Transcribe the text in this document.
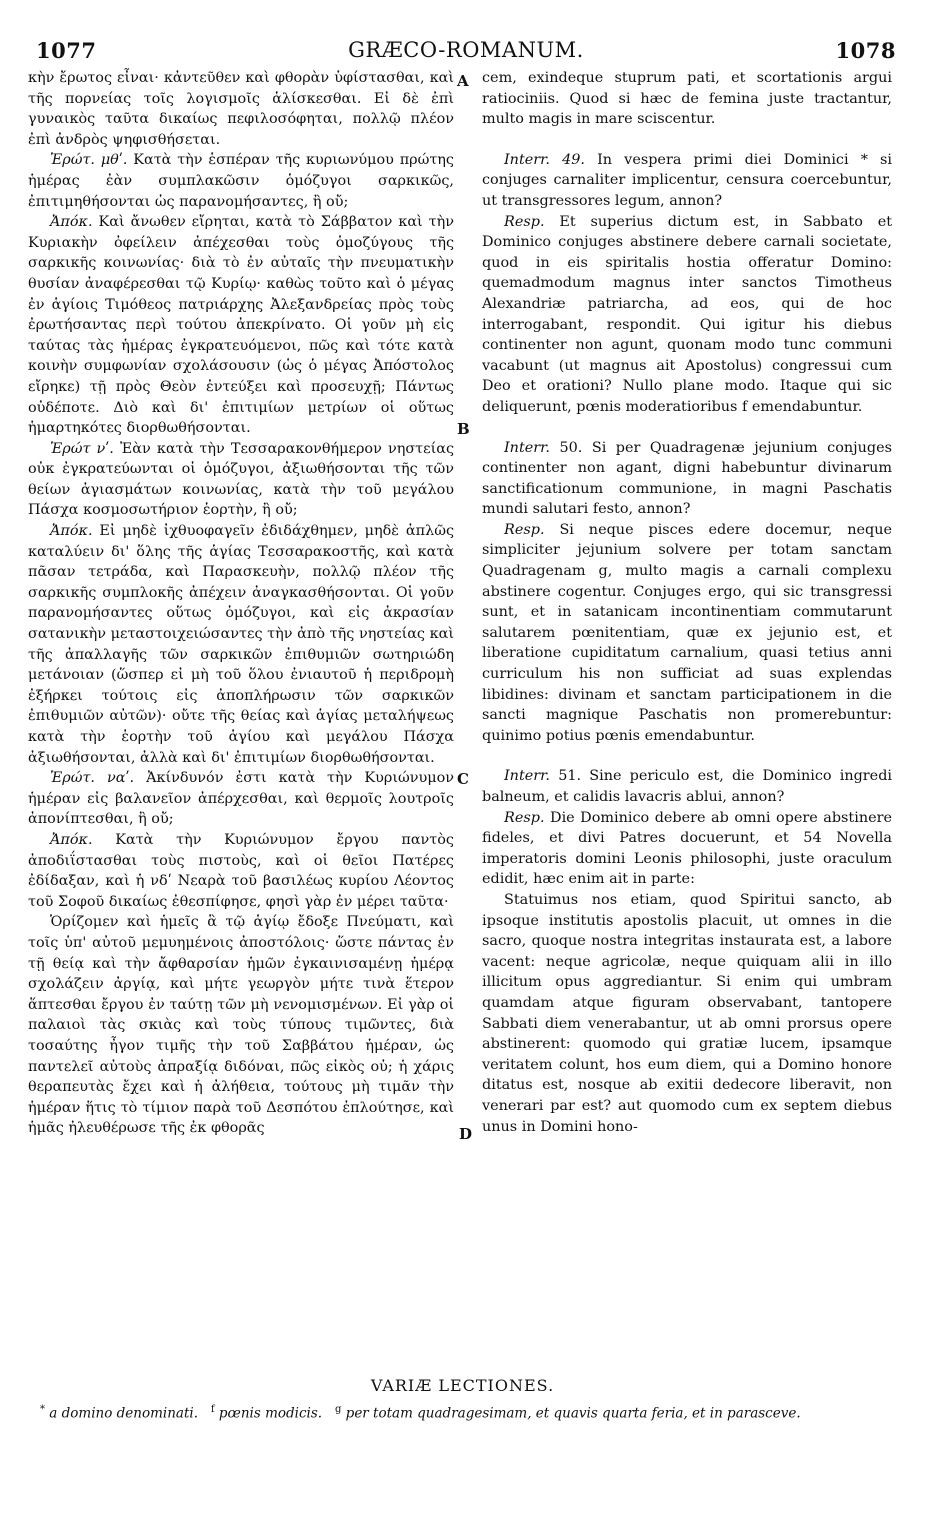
1077	GRÆCO-ROMANUM.	1078

κὴν ἔρωτος εἶναι· κἀντεῦθεν καὶ φθορὰν ὑφίστασθαι, καὶ τῆς πορνείας τοῖς λογισμοῖς ἁλίσκεσθαι. Εἰ δὲ ἐπὶ γυναικὸς ταῦτα δικαίως πεφιλοσόφηται, πολλῷ πλέον ἐπὶ ἀνδρὸς ψηφισθήσεται.

Ἐρώτ. μθʹ. Κατὰ τὴν ἑσπέραν τῆς κυριωνύμου πρώτης ἡμέρας ἐὰν συμπλακῶσιν ὁμόζυγοι σαρκικῶς, ἐπιτιμηθήσονται ὡς παρανομήσαντες, ἢ οὔ;

Ἀπόκ. Καὶ ἄνωθεν εἴρηται, κατὰ τὸ Σάββατον καὶ τὴν Κυριακὴν ὀφείλειν ἀπέχεσθαι τοὺς ὁμοζύγους τῆς σαρκικῆς κοινωνίας· διὰ τὸ ἐν αὐταῖς τὴν πνευματικὴν θυσίαν ἀναφέρεσθαι τῷ Κυρίῳ· καθὼς τοῦτο καὶ ὁ μέγας ἐν ἁγίοις Τιμόθεος πατριάρχης Ἀλεξανδρείας πρὸς τοὺς ἐρωτήσαντας περὶ τούτου ἀπεκρίνατο. Οἱ γοῦν μὴ εἰς ταύτας τὰς ἡμέρας ἐγκρατευόμενοι, πῶς καὶ τότε κατὰ κοινὴν συμφωνίαν σχολάσουσιν (ὡς ὁ μέγας Ἀπόστολος εἴρηκε) τῇ πρὸς Θεὸν ἐντεύξει καὶ προσευχῇ; Πάντως οὐδέποτε. Διὸ καὶ δι' ἐπιτιμίων μετρίων οἱ οὕτως ἡμαρτηκότες διορθωθήσονται.

Ἐρώτ νʹ. Ἐὰν κατὰ τὴν Τεσσαρακονθήμερον νηστείας οὐκ ἐγκρατεύωνται οἱ ὁμόζυγοι, ἀξιωθήσονται τῆς τῶν θείων ἁγιασμάτων κοινωνίας, κατὰ τὴν τοῦ μεγάλου Πάσχα κοσμοσωτήριον ἑορτὴν, ἢ οὔ;

Ἀπόκ. Εἰ μηδὲ ἰχθυοφαγεῖν ἐδιδάχθημεν, μηδὲ ἁπλῶς καταλύειν δι' ὅλης τῆς ἁγίας Τεσσαρακοστῆς, καὶ κατὰ πᾶσαν τετράδα, καὶ Παρασκευὴν, πολλῷ πλέον τῆς σαρκικῆς συμπλοκῆς ἀπέχειν ἀναγκασθήσονται. Οἱ γοῦν παρανομήσαντες οὕτως ὁμόζυγοι, καὶ εἰς ἀκρασίαν σατανικὴν μεταστοιχειώσαντες τὴν ἀπὸ τῆς νηστείας καὶ τῆς ἀπαλλαγῆς τῶν σαρκικῶν ἐπιθυμιῶν σωτηριώδη μετάνοιαν (ὥσπερ εἰ μὴ τοῦ ὅλου ἐνιαυτοῦ ἡ περιδρομὴ ἐξήρκει τούτοις εἰς ἀποπλήρωσιν τῶν σαρκικῶν ἐπιθυμιῶν αὐτῶν)· οὔτε τῆς θείας καὶ ἁγίας μεταλήψεως κατὰ τὴν ἑορτὴν τοῦ ἁγίου καὶ μεγάλου Πάσχα ἀξιωθήσονται, ἀλλὰ καὶ δι' ἐπιτιμίων διορθωθήσονται.

Ἐρώτ. ναʹ. Ἀκίνδυνόν ἐστι κατὰ τὴν Κυριώνυμον ἡμέραν εἰς βαλανεῖον ἀπέρχεσθαι, καὶ θερμοῖς λουτροῖς ἀπονίπτεσθαι, ἢ οὔ;

Ἀπόκ. Κατὰ τὴν Κυριώνυμον ἔργου παντὸς ἀποδιΐστασθαι τοὺς πιστοὺς, καὶ οἱ θεῖοι Πατέρες ἐδίδαξαν, καὶ ἡ νδʹ Νεαρὰ τοῦ βασιλέως κυρίου Λέοντος τοῦ Σοφοῦ δικαίως ἐθεσπίφησε, φησὶ γὰρ ἐν μέρει ταῦτα·

Ὁρίζομεν καὶ ἡμεῖς ἃ τῷ ἁγίῳ ἔδοξε Πνεύματι, καὶ τοῖς ὑπ' αὐτοῦ μεμυημένοις ἀποστόλοις· ὥστε πάντας ἐν τῇ θείᾳ καὶ τὴν ἄφθαρσίαν ἡμῶν ἐγκαινισαμένῃ ἡμέρᾳ σχολάζειν ἀργίᾳ, καὶ μήτε γεωργὸν μήτε τινὰ ἕτερον ἅπτεσθαι ἔργου ἐν ταύτῃ τῶν μὴ νενομισμένων. Εἰ γὰρ οἱ παλαιοὶ τὰς σκιὰς καὶ τοὺς τύπους τιμῶντες, διὰ τοσαύτης ἦγον τιμῆς τὴν τοῦ Σαββάτου ἡμέραν, ὡς παντελεῖ αὐτοὺς ἀπραξίᾳ διδόναι, πῶς εἰκὸς οὐ; ἡ χάρις θεραπευτὰς ἔχει καὶ ἡ ἀλήθεια, τούτους μὴ τιμᾶν τὴν ἡμέραν ἥτις τὸ τίμιον παρὰ τοῦ Δεσπότου ἐπλούτησε, καὶ ἡμᾶς ἠλευθέρωσε τῆς ἐκ φθορᾶς

A
B
C
D

cem, exindeque stuprum pati, et scortationis argui ratiociniis. Quod si hæc de femina juste tractantur, multo magis in mare sciscentur.

Interr. 49. In vespera primi diei Dominici * si conjuges carnaliter implicentur, censura coercebuntur, ut transgressores legum, annon?

Resp. Et superius dictum est, in Sabbato et Dominico conjuges abstinere debere carnali societate, quod in eis spiritalis hostia offeratur Domino: quemadmodum magnus inter sanctos Timotheus Alexandriæ patriarcha, ad eos, qui de hoc interrogabant, respondit. Qui igitur his diebus continenter non agunt, quonam modo tunc communi vacabunt (ut magnus ait Apostolus) congressui cum Deo et orationi? Nullo plane modo. Itaque qui sic deliquerunt, pœnis moderatioribus f emendabuntur.

Interr. 50. Si per Quadragenæ jejunium conjuges continenter non agant, digni habebuntur divinarum sanctificationum communione, in magni Paschatis mundi salutari festo, annon?

Resp. Si neque pisces edere docemur, neque simpliciter jejunium solvere per totam sanctam Quadragenam g, multo magis a carnali complexu abstinere cogentur. Conjuges ergo, qui sic transgressi sunt, et in satanicam incontinentiam commutarunt salutarem pœnitentiam, quæ ex jejunio est, et liberatione cupiditatum carnalium, quasi tetius anni curriculum his non sufficiat ad suas explendas libidines: divinam et sanctam participationem in die sancti magnique Paschatis non promerebuntur: quinimo potius pœnis emendabuntur.

Interr. 51. Sine periculo est, die Dominico ingredi balneum, et calidis lavacris ablui, annon?

Resp. Die Dominico debere ab omni opere abstinere fideles, et divi Patres docuerunt, et 54 Novella imperatoris domini Leonis philosophi, juste oraculum edidit, hæc enim ait in parte:

Statuimus nos etiam, quod Spiritui sancto, ab ipsoque institutis apostolis placuit, ut omnes in die sacro, quoque nostra integritas instaurata est, a labore vacent: neque agricolæ, neque quiquam alii in illo illicitum opus aggrediantur. Si enim qui umbram quamdam atque figuram observabant, tantopere Sabbati diem venerabantur, ut ab omni prorsus opere abstinerent: quomodo qui gratiæ lucem, ipsamque veritatem colunt, hos eum diem, qui a Domino honore ditatus est, nosque ab exitii dedecore liberavit, non venerari par est? aut quomodo cum ex septem diebus unus in Domini hono-

VARIÆ LECTIONES.
* a domino denominati. $^f$ pœnis modicis. $^g$ per totam quadragesimam, et quavis quarta feria, et in parasceve.
